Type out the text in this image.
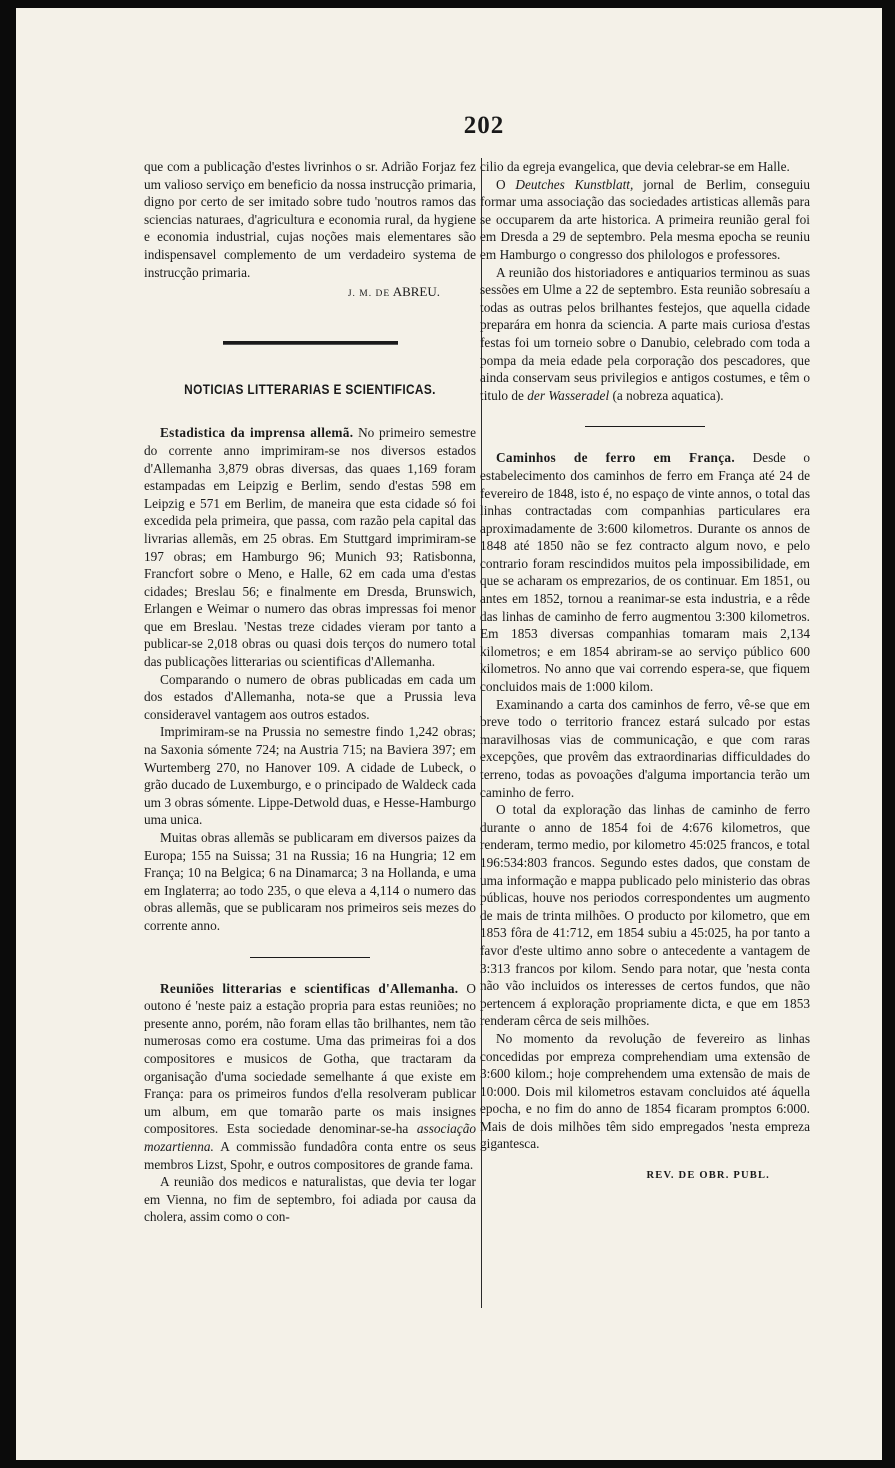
202

que com a publicação d'estes livrinhos o sr. Adrião Forjaz fez um valioso serviço em beneficio da nossa instrucção primaria, digno por certo de ser imitado sobre tudo 'noutros ramos das sciencias naturaes, d'agricultura e economia rural, da hygiene e economia industrial, cujas noções mais elementares são indispensavel complemento de um verdadeiro systema de instrucção primaria.

J. M. DE ABREU.
NOTICIAS LITTERARIAS E SCIENTIFICAS.

Estadistica da imprensa allemã. No primeiro semestre do corrente anno imprimiram-se nos diversos estados d'Allemanha 3,879 obras diversas, das quaes 1,169 foram estampadas em Leipzig e Berlim, sendo d'estas 598 em Leipzig e 571 em Berlim, de maneira que esta cidade só foi excedida pela primeira, que passa, com razão pela capital das livrarias allemãs, em 25 obras. Em Stuttgard imprimiram-se 197 obras; em Hamburgo 96; Munich 93; Ratisbonna, Francfort sobre o Meno, e Halle, 62 em cada uma d'estas cidades; Breslau 56; e finalmente em Dresda, Brunswich, Erlangen e Weimar o numero das obras impressas foi menor que em Breslau. 'Nestas treze cidades vieram por tanto a publicar-se 2,018 obras ou quasi dois terços do numero total das publicações litterarias ou scientificas d'Allemanha.

Comparando o numero de obras publicadas em cada um dos estados d'Allemanha, nota-se que a Prussia leva consideravel vantagem aos outros estados.

Imprimiram-se na Prussia no semestre findo 1,242 obras; na Saxonia sómente 724; na Austria 715; na Baviera 397; em Wurtemberg 270, no Hanover 109. A cidade de Lubeck, o grão ducado de Luxemburgo, e o principado de Waldeck cada um 3 obras sómente. Lippe-Detwold duas, e Hesse-Hamburgo uma unica.

Muitas obras allemãs se publicaram em diversos paizes da Europa; 155 na Suissa; 31 na Russia; 16 na Hungria; 12 em França; 10 na Belgica; 6 na Dinamarca; 3 na Hollanda, e uma em Inglaterra; ao todo 235, o que eleva a 4,114 o numero das obras allemãs, que se publicaram nos primeiros seis mezes do corrente anno.

Reuniões litterarias e scientificas d'Allemanha. O outono é 'neste paiz a estação propria para estas reuniões; no presente anno, porém, não foram ellas tão brilhantes, nem tão numerosas como era costume. Uma das primeiras foi a dos compositores e musicos de Gotha, que tractaram da organisação d'uma sociedade semelhante á que existe em França: para os primeiros fundos d'ella resolveram publicar um album, em que tomarão parte os mais insignes compositores. Esta sociedade denominar-se-ha associação mozartienna. A commissão fundadôra conta entre os seus membros Lizst, Spohr, e outros compositores de grande fama.

A reunião dos medicos e naturalistas, que devia ter logar em Vienna, no fim de septembro, foi adiada por causa da cholera, assim como o con-

cilio da egreja evangelica, que devia celebrar-se em Halle.

O Deutches Kunstblatt, jornal de Berlim, conseguiu formar uma associação das sociedades artisticas allemãs para se occuparem da arte historica. A primeira reunião geral foi em Dresda a 29 de septembro. Pela mesma epocha se reuniu em Hamburgo o congresso dos philologos e professores.

A reunião dos historiadores e antiquarios terminou as suas sessões em Ulme a 22 de septembro. Esta reunião sobresaíu a todas as outras pelos brilhantes festejos, que aquella cidade preparára em honra da sciencia. A parte mais curiosa d'estas festas foi um torneio sobre o Danubio, celebrado com toda a pompa da meia edade pela corporação dos pescadores, que ainda conservam seus privilegios e antigos costumes, e têm o titulo de der Wasseradel (a nobreza aquatica).

Caminhos de ferro em França. Desde o estabelecimento dos caminhos de ferro em França até 24 de fevereiro de 1848, isto é, no espaço de vinte annos, o total das linhas contractadas com companhias particulares era aproximadamente de 3:600 kilometros. Durante os annos de 1848 até 1850 não se fez contracto algum novo, e pelo contrario foram rescindidos muitos pela impossibilidade, em que se acharam os emprezarios, de os continuar. Em 1851, ou antes em 1852, tornou a reanimar-se esta industria, e a rêde das linhas de caminho de ferro augmentou 3:300 kilometros. Em 1853 diversas companhias tomaram mais 2,134 kilometros; e em 1854 abriram-se ao serviço público 600 kilometros. No anno que vai correndo espera-se, que fiquem concluidos mais de 1:000 kilom.

Examinando a carta dos caminhos de ferro, vê-se que em breve todo o territorio francez estará sulcado por estas maravilhosas vias de communicação, e que com raras excepções, que provêm das extraordinarias difficuldades do terreno, todas as povoações d'alguma importancia terão um caminho de ferro.

O total da exploração das linhas de caminho de ferro durante o anno de 1854 foi de 4:676 kilometros, que renderam, termo medio, por kilometro 45:025 francos, e total 196:534:803 francos. Segundo estes dados, que constam de uma informação e mappa publicado pelo ministerio das obras públicas, houve nos periodos correspondentes um augmento de mais de trinta milhões. O producto por kilometro, que em 1853 fôra de 41:712, em 1854 subiu a 45:025, ha por tanto a favor d'este ultimo anno sobre o antecedente a vantagem de 3:313 francos por kilom. Sendo para notar, que 'nesta conta não vão incluidos os interesses de certos fundos, que não pertencem á exploração propriamente dicta, e que em 1853 renderam cêrca de seis milhões.

No momento da revolução de fevereiro as linhas concedidas por empreza comprehendiam uma extensão de 3:600 kilom.; hoje comprehendem uma extensão de mais de 10:000. Dois mil kilometros estavam concluidos até áquella epocha, e no fim do anno de 1854 ficaram promptos 6:000. Mais de dois milhões têm sido empregados 'nesta empreza gigantesca.

REV. DE OBR. PUBL.
